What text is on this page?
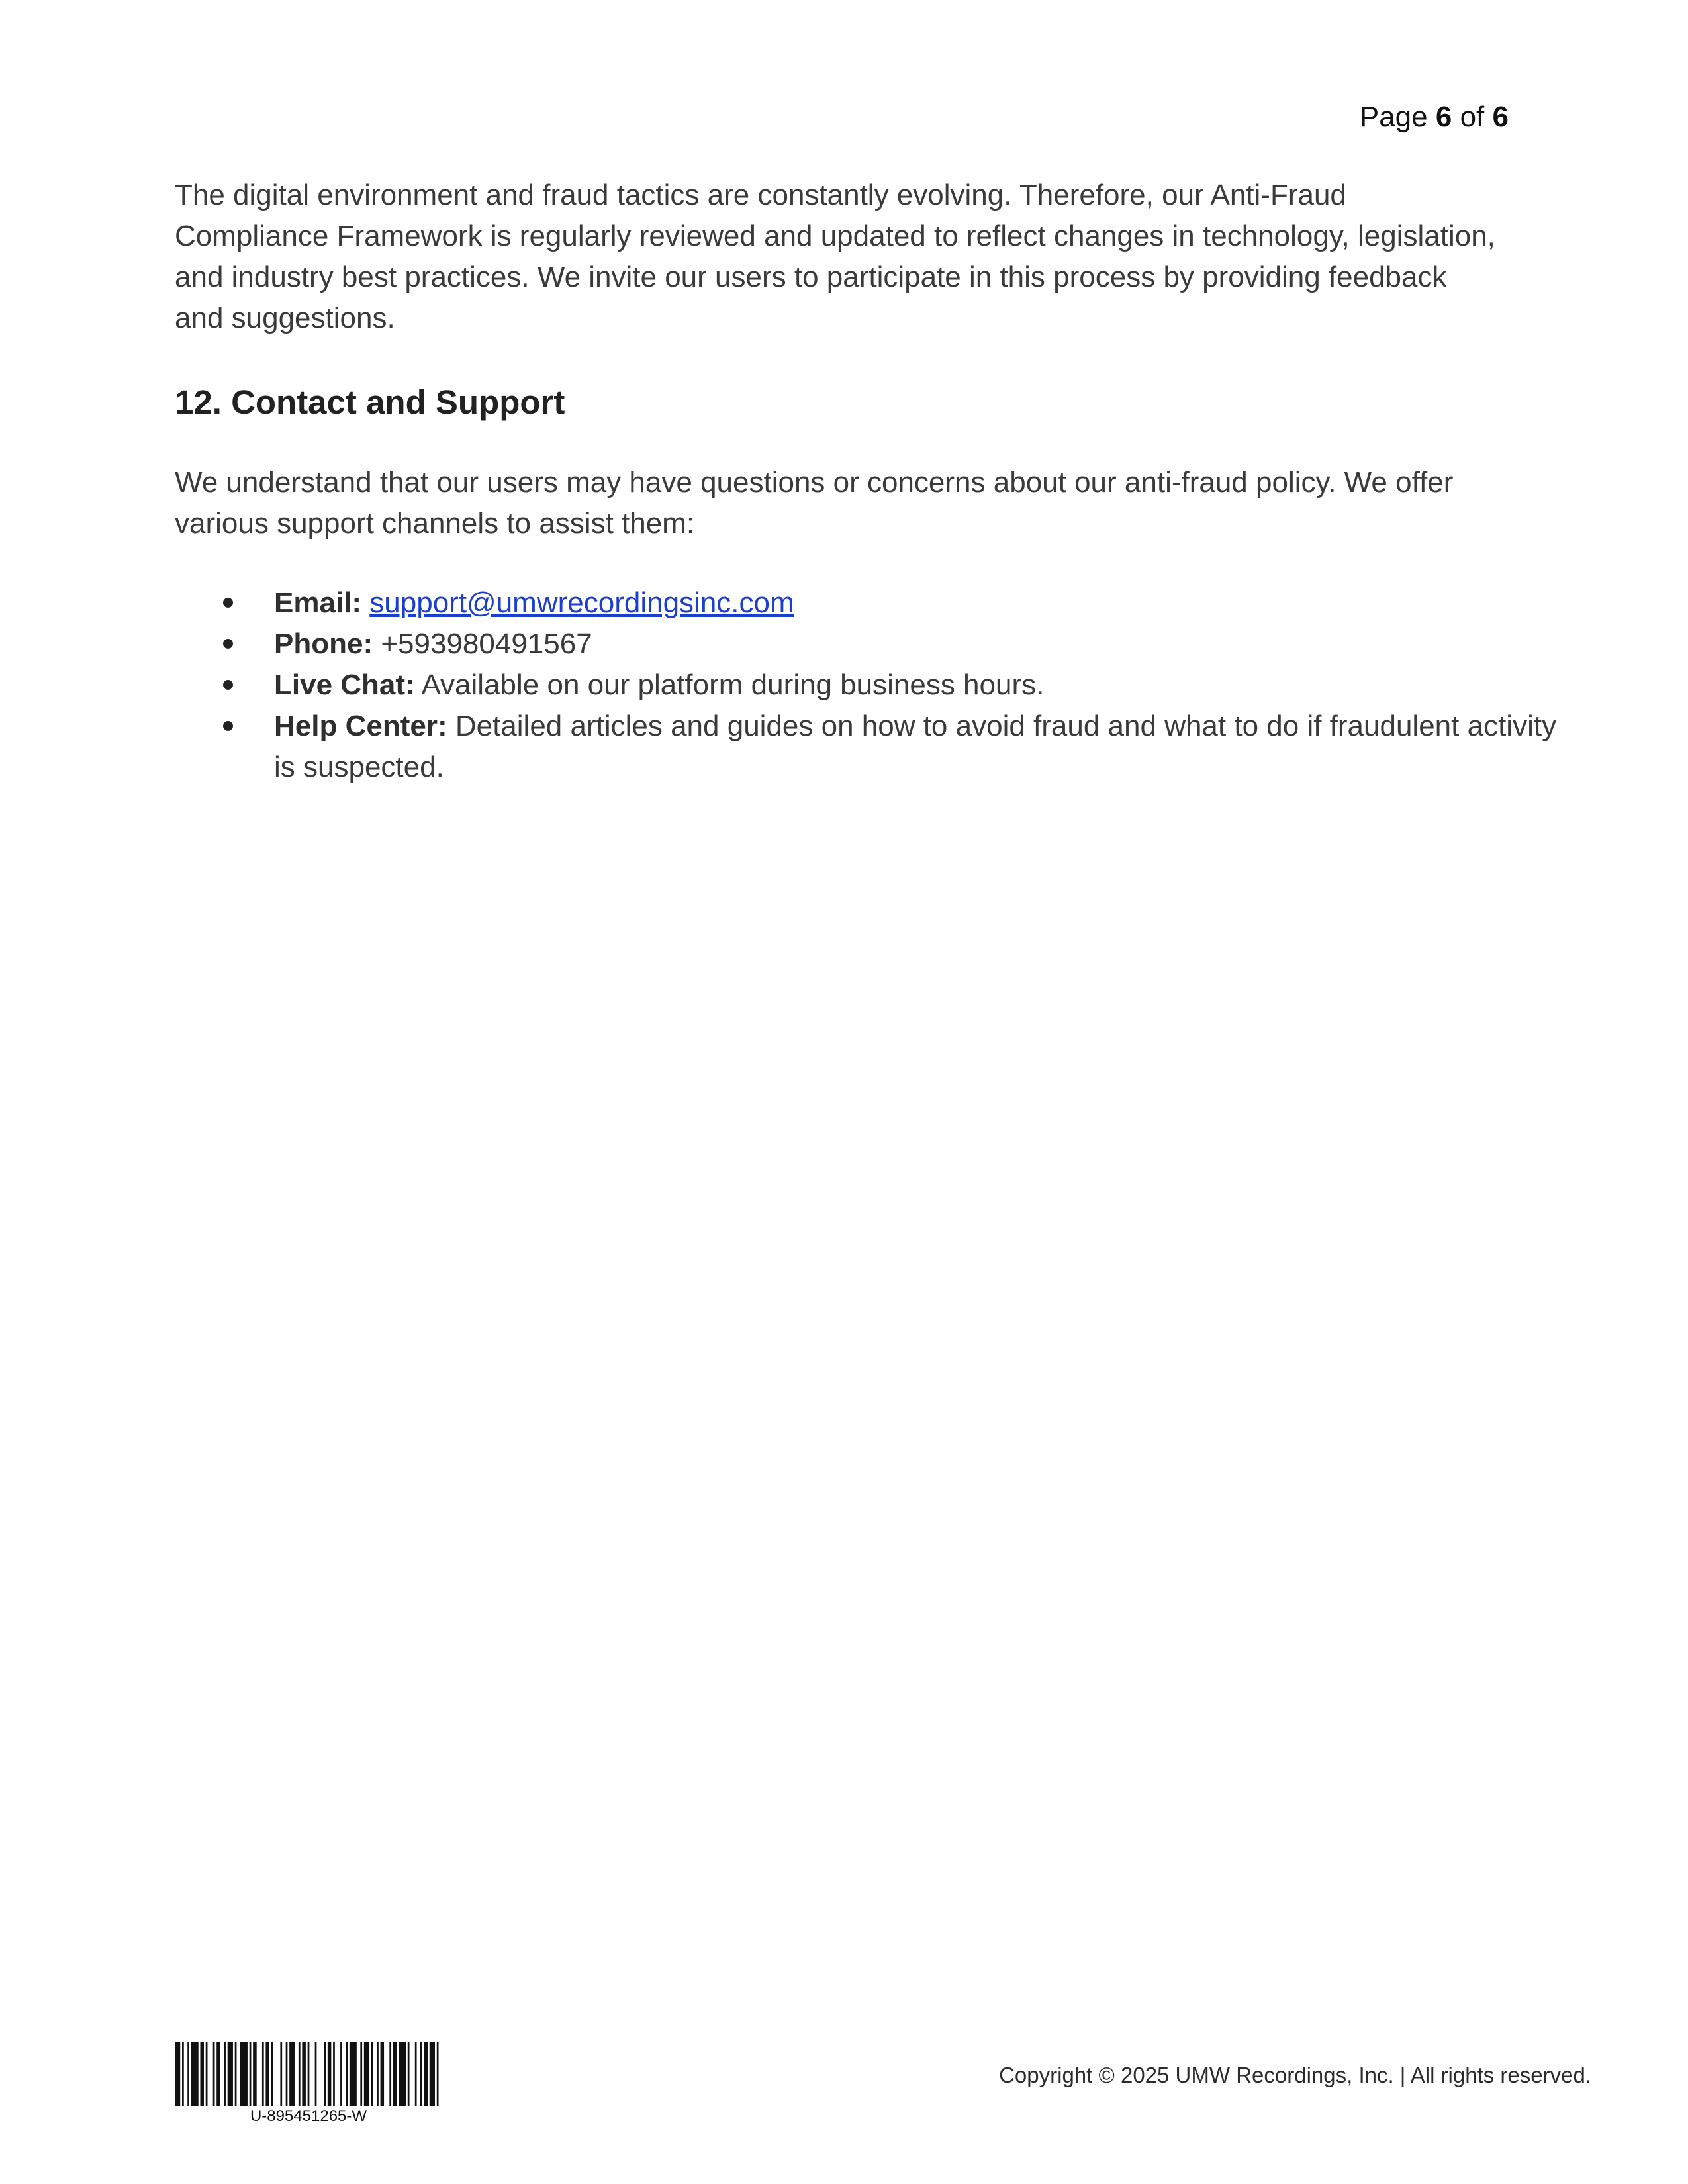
Page 6 of 6

The digital environment and fraud tactics are constantly evolving. Therefore, our Anti-Fraud Compliance Framework is regularly reviewed and updated to reflect changes in technology, legislation, and industry best practices. We invite our users to participate in this process by providing feedback and suggestions.

12. Contact and Support

We understand that our users may have questions or concerns about our anti-fraud policy. We offer various support channels to assist them:

Email: support@umwrecordingsinc.com
Phone: +593980491567
Live Chat: Available on our platform during business hours.
Help Center: Detailed articles and guides on how to avoid fraud and what to do if fraudulent activity is suspected.
U-895451265-W
Copyright © 2025 UMW Recordings, Inc. | All rights reserved.
